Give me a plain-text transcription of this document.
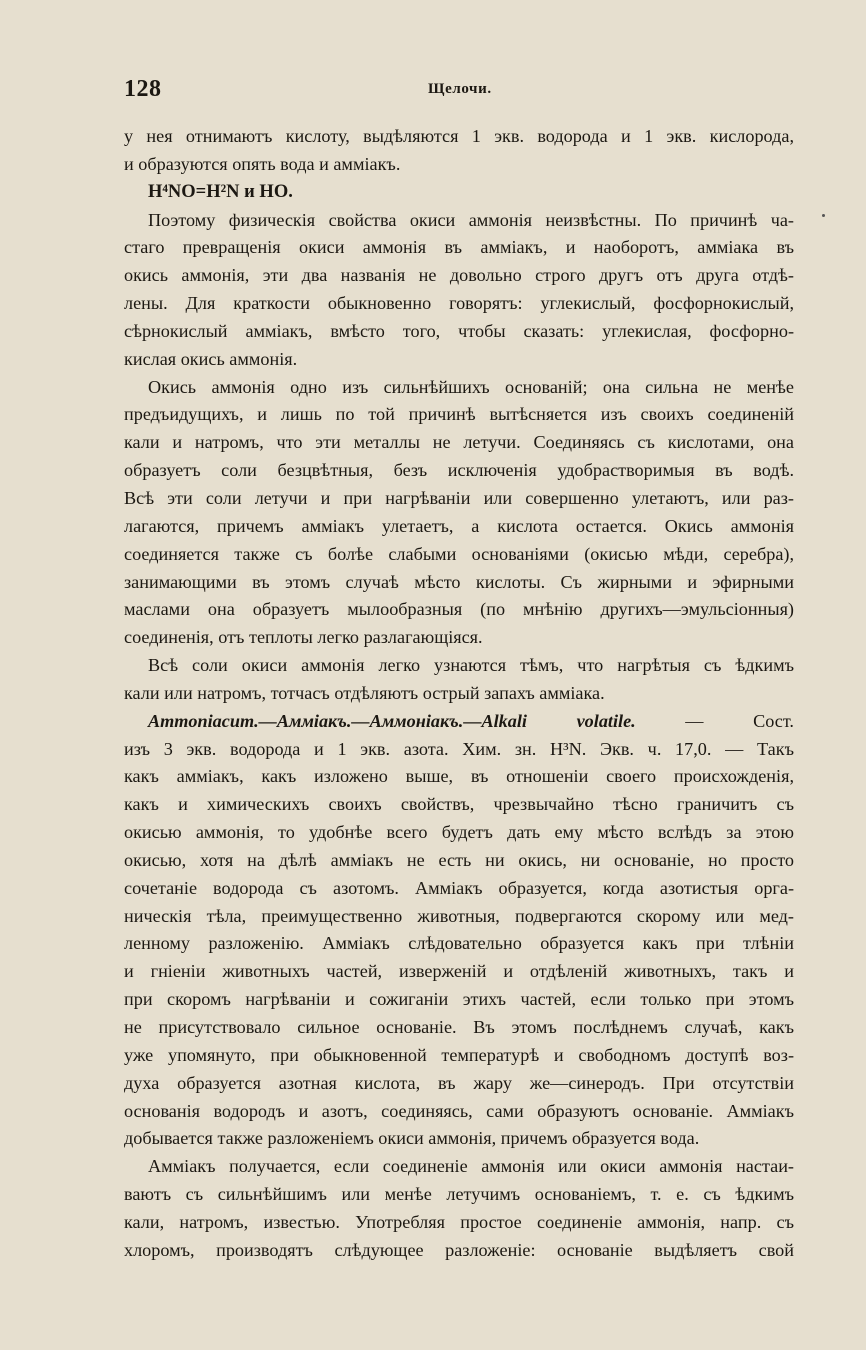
128	Щелочи.
у нея отнимаютъ кислоту, выдѣляются 1 экв. водорода и 1 экв. кислорода,
и образуются опять вода и аммiакъ.
H⁴NO=H²N и HO.
Поэтому физическiя свойства окиси аммонiя неизвѣстны. По причинѣ ча-
стаго превращенiя окиси аммонiя въ аммiакъ, и наоборотъ, аммiака въ
окись аммонiя, эти два названiя не довольно строго другъ отъ друга отдѣ-
лены. Для краткости обыкновенно говорятъ: углекислый, фосфорнокислый,
сѣрнокислый аммiакъ, вмѣсто того, чтобы сказать: углекислая, фосфорно-
кислая окись аммонiя.
Окись аммонiя одно изъ сильнѣйшихъ основанiй; она сильна не менѣе
предъидущихъ, и лишь по той причинѣ вытѣсняется изъ своихъ соединенiй
кали и натромъ, что эти металлы не летучи. Соединяясь съ кислотами, она
образуетъ соли безцвѣтныя, безъ исключенiя удобрастворимыя въ водѣ.
Всѣ эти соли летучи и при нагрѣванiи или совершенно улетаютъ, или раз-
лагаются, причемъ аммiакъ улетаетъ, а кислота остается. Окись аммонiя
соединяется также съ болѣе слабыми основанiями (окисью мѣди, серебра),
занимающими въ этомъ случаѣ мѣсто кислоты. Съ жирными и эфирными
маслами она образуетъ мылообразныя (по мнѣнiю другихъ—эмульсiонныя)
соединенiя, отъ теплоты легко разлагающiяся.
Всѣ соли окиси аммонiя легко узнаются тѣмъ, что нагрѣтыя съ ѣдкимъ
кали или натромъ, тотчасъ отдѣляютъ острый запахъ аммiака.
Ammoniacum.—Аммiакъ.—Аммонiакъ.—Alkali volatile. — Сост.
изъ 3 экв. водорода и 1 экв. азота. Хим. зн. H³N. Экв. ч. 17,0. — Такъ
какъ аммiакъ, какъ изложено выше, въ отношенiи своего происхожденiя,
какъ и химическихъ своихъ свойствъ, чрезвычайно тѣсно граничитъ съ
окисью аммонiя, то удобнѣе всего будетъ дать ему мѣсто вслѣдъ за этою
окисью, хотя на дѣлѣ аммiакъ не есть ни окись, ни основанiе, но просто
сочетанiе водорода съ азотомъ. Аммiакъ образуется, когда азотистыя орга-
ническiя тѣла, преимущественно животныя, подвергаются скорому или мед-
ленному разложенiю. Аммiакъ слѣдовательно образуется какъ при тлѣнiи
и гнiенiи животныхъ частей, изверженiй и отдѣленiй животныхъ, такъ и
при скоромъ нагрѣванiи и сожиганiи этихъ частей, если только при этомъ
не присутствовало сильное основанiе. Въ этомъ послѣднемъ случаѣ, какъ
уже упомянуто, при обыкновенной температурѣ и свободномъ доступѣ воз-
духа образуется азотная кислота, въ жару же—синеродъ. При отсутствiи
основанiя водородъ и азотъ, соединяясь, сами образуютъ основанiе. Аммiакъ
добывается также разложенiемъ окиси аммонiя, причемъ образуется вода.
Аммiакъ получается, если соединенiе аммонiя или окиси аммонiя настаи-
ваютъ съ сильнѣйшимъ или менѣе летучимъ основанiемъ, т. е. съ ѣдкимъ
кали, натромъ, известью. Употребляя простое соединенiе аммонiя, напр. съ
хлоромъ, производятъ слѣдующее разложенiе: основанiе выдѣляетъ свой
